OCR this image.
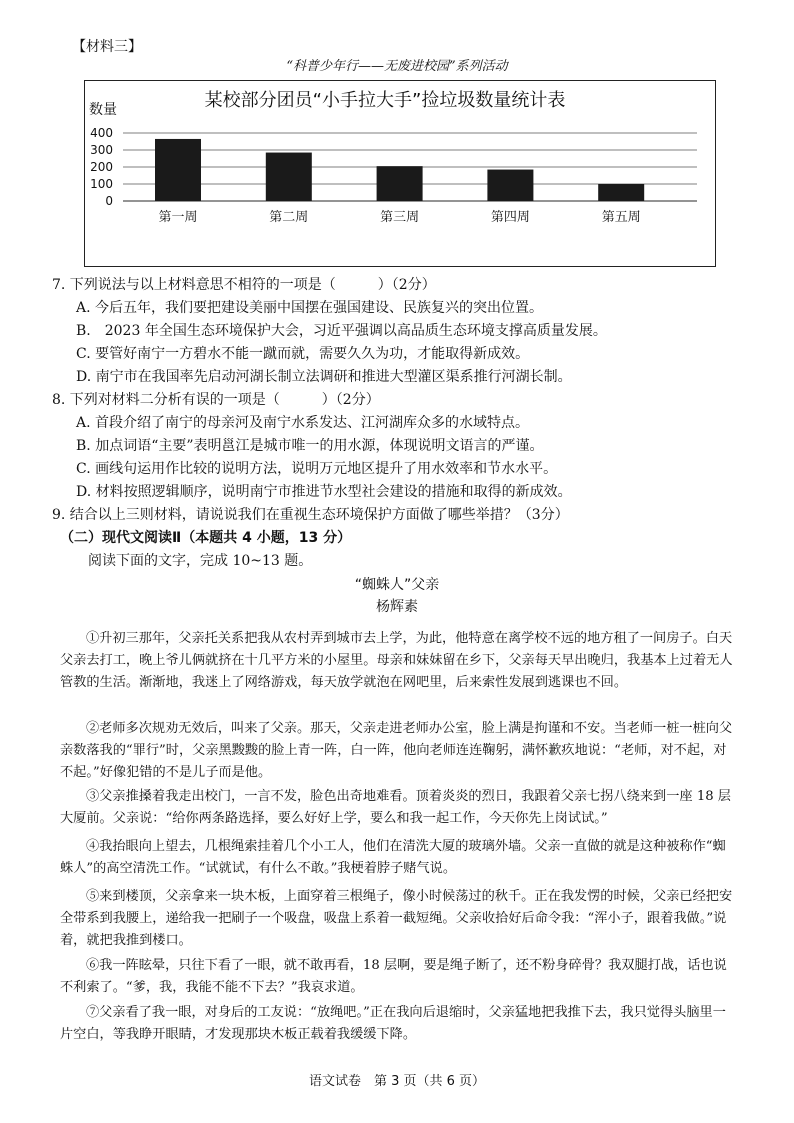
【材料三】
“科普少年行——无废进校园”系列活动
某校部分团员“小手拉大手”捡垃圾数量统计表
数量
0
100
200
300
400
第一周	第二周	第三周	第四周	第五周
7. 下列说法与以上材料意思不相符的一项是（　　　）（2分）
A. 今后五年，我们要把建设美丽中国摆在强国建设、民族复兴的突出位置。
B.　2023 年全国生态环境保护大会，习近平强调以高品质生态环境支撑高质量发展。
C. 要管好南宁一方碧水不能一蹴而就，需要久久为功，才能取得新成效。
D. 南宁市在我国率先启动河湖长制立法调研和推进大型灌区渠系推行河湖长制。
8. 下列对材料二分析有误的一项是（　　　）（2分）
A. 首段介绍了南宁的母亲河及南宁水系发达、江河湖库众多的水域特点。
B. 加点词语“主要”表明邕江是城市唯一的用水源，体现说明文语言的严谨。
C. 画线句运用作比较的说明方法，说明万元地区提升了用水效率和节水水平。
D. 材料按照逻辑顺序，说明南宁市推进节水型社会建设的措施和取得的新成效。
9. 结合以上三则材料，请说说我们在重视生态环境保护方面做了哪些举措？（3分）
（二）现代文阅读Ⅱ（本题共 4 小题，13 分）
阅读下面的文字，完成 10~13 题。
“蜘蛛人”父亲
杨辉素
①升初三那年，父亲托关系把我从农村弄到城市去上学，为此，他特意在离学校不远的地方租了一间房子。白天父亲去打工，晚上爷儿俩就挤在十几平方米的小屋里。母亲和妹妹留在乡下，父亲每天早出晚归，我基本上过着无人管教的生活。渐渐地，我迷上了网络游戏，每天放学就泡在网吧里，后来索性发展到逃课也不回。
②老师多次规劝无效后，叫来了父亲。那天，父亲走进老师办公室，脸上满是拘谨和不安。当老师一桩一桩向父亲数落我的“罪行”时，父亲黑黢黢的脸上青一阵，白一阵，他向老师连连鞠躬，满怀歉疚地说：“老师，对不起，对不起。”好像犯错的不是儿子而是他。
③父亲推搡着我走出校门，一言不发，脸色出奇地难看。顶着炎炎的烈日，我跟着父亲七拐八绕来到一座 18 层大厦前。父亲说：“给你两条路选择，要么好好上学，要么和我一起工作，今天你先上岗试试。”
④我抬眼向上望去，几根绳索挂着几个小工人，他们在清洗大厦的玻璃外墙。父亲一直做的就是这种被称作“蜘蛛人”的高空清洗工作。“试就试，有什么不敢。”我梗着脖子赌气说。
⑤来到楼顶，父亲拿来一块木板，上面穿着三根绳子，像小时候荡过的秋千。正在我发愣的时候，父亲已经把安全带系到我腰上，递给我一把刷子一个吸盘，吸盘上系着一截短绳。父亲收拾好后命令我：“浑小子，跟着我做。”说着，就把我推到楼口。
⑥我一阵眩晕，只往下看了一眼，就不敢再看，18 层啊，要是绳子断了，还不粉身碎骨？我双腿打战，话也说不利索了。“爹，我，我能不能不下去？”我哀求道。
⑦父亲看了我一眼，对身后的工友说：“放绳吧。”正在我向后退缩时，父亲猛地把我推下去，我只觉得头脑里一片空白，等我睁开眼睛，才发现那块木板正载着我缓缓下降。
语文试卷　第 3 页（共 6 页）
